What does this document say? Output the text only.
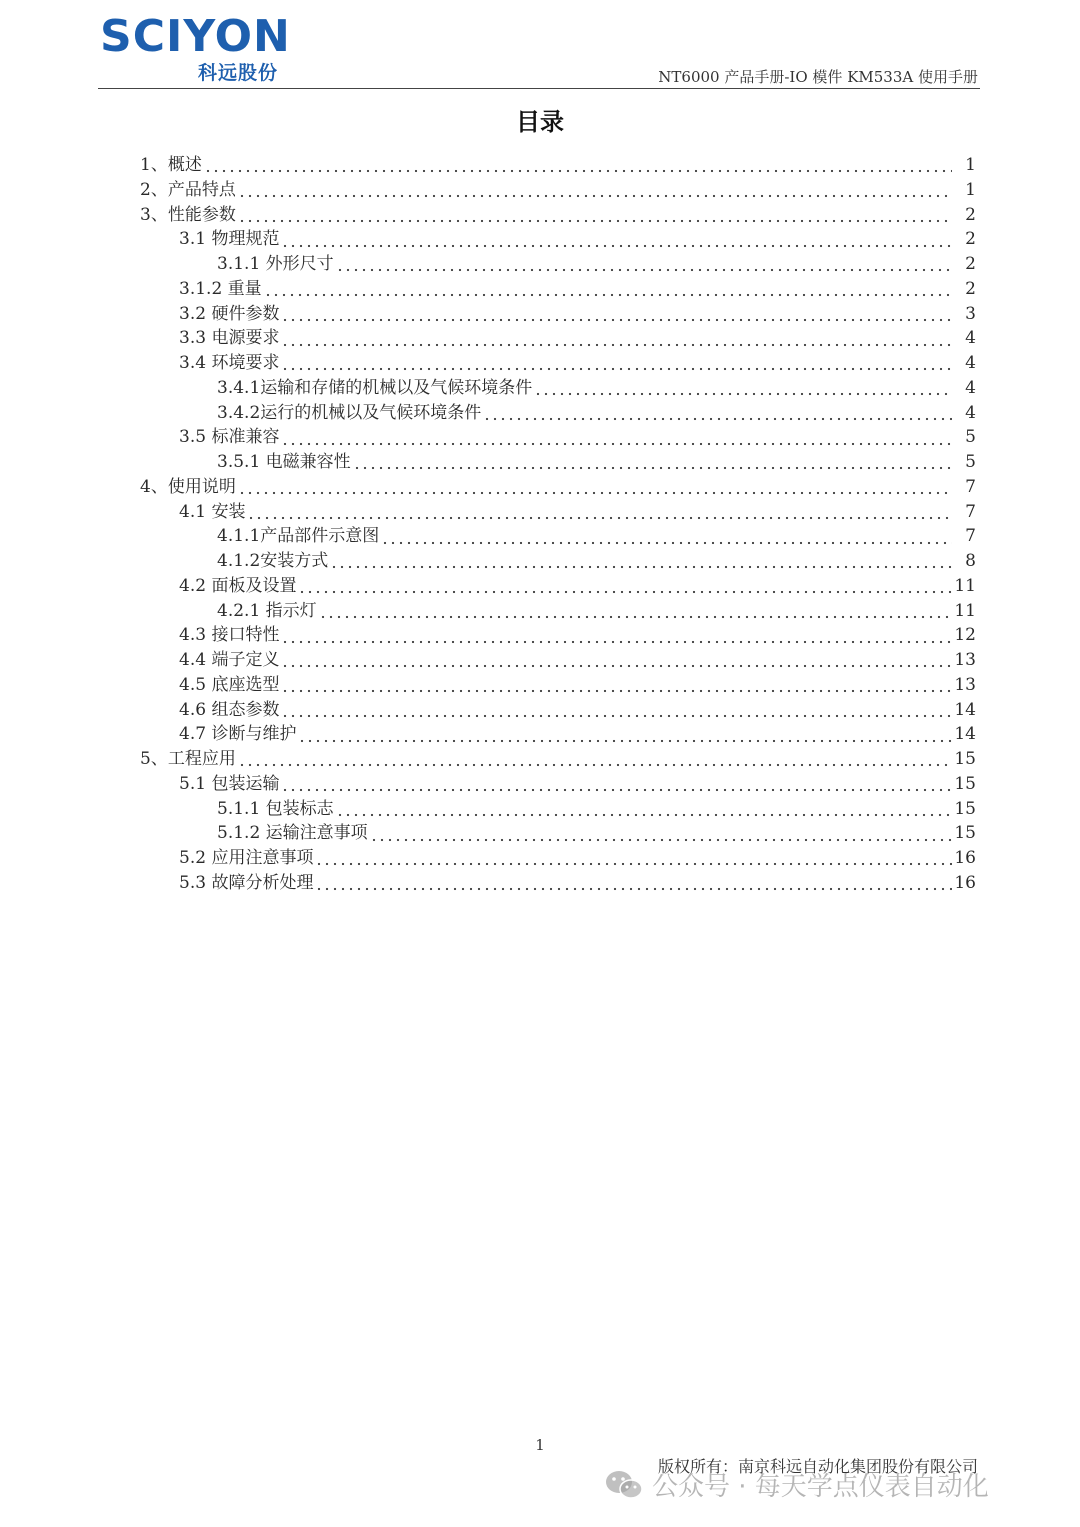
SCIYON
科远股份	NT6000 产品手册-IO 模件 KM533A 使用手册
目录
1、概述	1
2、产品特点	1
3、性能参数	2
3.1 物理规范	2
3.1.1 外形尺寸	2
3.1.2 重量	2
3.2 硬件参数	3
3.3 电源要求	4
3.4 环境要求	4
3.4.1运输和存储的机械以及气候环境条件	4
3.4.2运行的机械以及气候环境条件	4
3.5 标准兼容	5
3.5.1 电磁兼容性	5
4、使用说明	7
4.1 安装	7
4.1.1产品部件示意图	7
4.1.2安装方式	8
4.2 面板及设置	11
4.2.1 指示灯	11
4.3 接口特性	12
4.4 端子定义	13
4.5 底座选型	13
4.6 组态参数	14
4.7 诊断与维护	14
5、工程应用	15
5.1 包装运输	15
5.1.1 包装标志	15
5.1.2 运输注意事项	15
5.2 应用注意事项	16
5.3 故障分析处理	16
1
版权所有：南京科远自动化集团股份有限公司
公众号 · 每天学点仪表自动化
